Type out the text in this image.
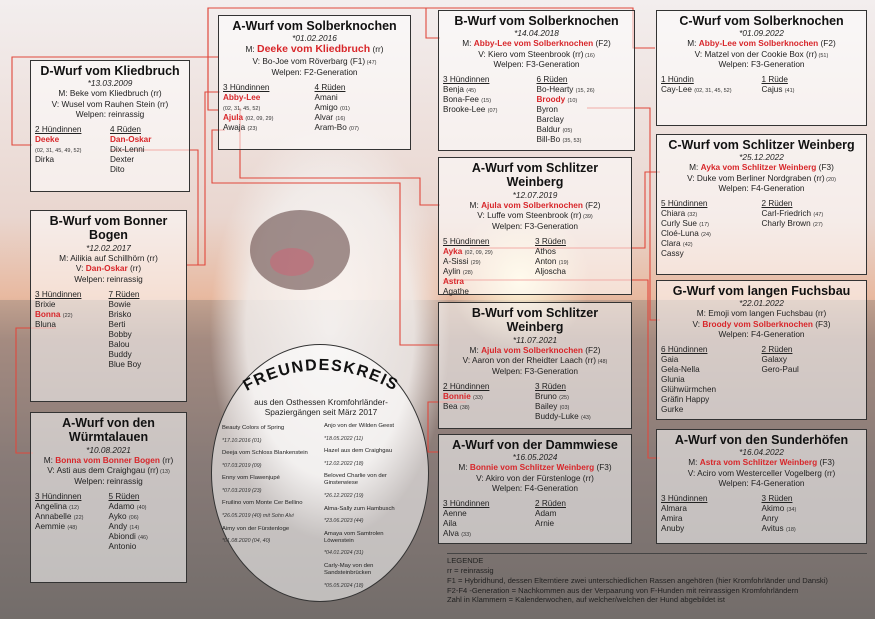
A-Wurf vom Solberknochen
*01.02.2016
M: Deeke vom Kliedbruch (rr)
V: Bo-Joe vom Röverbarg (F1) (47)
Welpen: F2-Generation
3 Hündinnen
Abby-Lee
(02, 31, 45, 52)
Ajula (02, 09, 29)
Awaja (23)
4 Rüden
Amani
Amigo (01)
Alvar (16)
Aram-Bo (07)
D-Wurf vom Kliedbruch
*13.03.2009
M: Beke vom Kliedbruch (rr)
V: Wusel vom Rauhen Stein (rr)
Welpen: reinrassig
2 Hündinnen
Deeke
(02, 31, 45, 49, 52)
Dirka
4 Rüden
Dan-Oskar
Dix-Lenni
Dexter
Dito
B-Wurf vom Solberknochen
*14.04.2018
M: Abby-Lee vom Solberknochen (F2)
V: Kiero vom Steenbrook (rr) (16)
Welpen: F3-Generation
3 Hündinnen
Benja (45)
Bona-Fee (15)
Brooke-Lee (07)
6 Rüden
Bo-Hearty (15, 26)
Broody (10)
Byron
Barclay
Baldur (05)
Bill-Bo (35, 53)
C-Wurf vom Solberknochen
*01.09.2022
M: Abby-Lee vom Solberknochen (F2)
V: Matzel von der Cookie Box (rr) (51)
Welpen: F3-Generation
1 Hündin
Cay-Lee (02, 31, 45, 52)
1 Rüde
Cajus (41)
B-Wurf vom Bonner Bogen
*12.02.2017
M: Ailikia auf Schillhörn (rr)
V: Dan-Oskar (rr)
Welpen: reinrassig
3 Hündinnen
Brixie
Bonna (22)
Bluna
7 Rüden
Bowie
Brisko
Berti
Bobby
Balou
Buddy
Blue Boy
A-Wurf vom Schlitzer Weinberg
*12.07.2019
M: Ajula vom Solberknochen (F2)
V: Luffe vom Steenbrook (rr) (39)
Welpen: F3-Generation
5 Hündinnen
Ayka (02, 09, 29)
A-Sissi (29)
Aylin (28)
Astra
Agathe
3 Rüden
Athos
Anton (19)
Aljoscha
C-Wurf vom Schlitzer Weinberg
*25.12.2022
M: Ayka vom Schlitzer Weinberg (F3)
V: Duke vom Berliner Nordgraben (rr) (20)
Welpen: F4-Generation
5 Hündinnen
Chiara (32)
Curly Sue (17)
Cloé-Luna (24)
Clara (42)
Cassy
2 Rüden
Carl-Friedrich (47)
Charly Brown (27)
B-Wurf vom Schlitzer Weinberg
*11.07.2021
M: Ajula vom Solberknochen (F2)
V: Aaron von der Rheidter Laach (rr) (48)
Welpen: F3-Generation
2 Hündinnen
Bonnie (33)
Bea (38)
3 Rüden
Bruno (25)
Bailey (03)
Buddy-Luke (43)
G-Wurf vom langen Fuchsbau
*22.01.2022
M: Emoji vom langen Fuchsbau (rr)
V: Broody vom Solberknochen (F3)
Welpen: F4-Generation
6 Hündinnen
Gaia
Gela-Nella
Glunia
Glühwürmchen
Gräfin Happy
Gurke
2 Rüden
Galaxy
Gero-Paul
A-Wurf von den Würmtalauen
*10.08.2021
M: Bonna vom Bonner Bogen (rr)
V: Asti aus dem Craighgau (rr) (13)
Welpen: reinrassig
3 Hündinnen
Angelina (12)
Annabelle (22)
Aemmie (48)
5 Rüden
Adamo (40)
Ayko (06)
Andy (14)
Abiondi (46)
Antonio
A-Wurf von der Dammwiese
*16.05.2024
M: Bonnie vom Schlitzer Weinberg (F3)
V: Akiro von der Fürstenloge (rr)
Welpen: F4-Generation
3 Hündinnen
Aenne
Aila
Alva (33)
2 Rüden
Adam
Arnie
A-Wurf von den Sunderhöfen
*16.04.2022
M: Astra vom Schlitzer Weinberg (F3)
V: Aciro vom Westerceller Vogelberg (rr)
Welpen: F4-Generation
3 Hündinnen
Almara
Amira
Anuby
3 Rüden
Akimo (34)
Anry
Avitus (18)
FREUNDESKREIS
aus den Osthessen Kromfohrländer-
Spaziergängen seit März 2017
Beauty Colors of Spring
*17.10.2016 (01)
Deeja vom Schloss Blankenstein
*07.03.2019 (09)
Enny vom Flawenjupé
*07.03.2019 (23)
Fruilino vom Monte Cer Bellino
*26.05.2019 (40) mit Sohn Alvi
Aimy von der Fürstenloge
*01.08.2020 (04, 40)
Anjo von der Wilden Geest
*18.05.2022 (11)
Hazel aus dem Craighgau
*12.02.2022 (18)
Beloved Charlie von der Ginsterwiese
*26.12.2022 (19)
Alma-Sally zum Hambusch
*23.06.2023 (44)
Amaya vom Samtrolen Löwenstein
*04.01.2024 (31)
Carly-May von den Sandsteinbrücken
*05.05.2024 (18)
LEGENDE
rr = reinrassig
F1 = Hybridhund, dessen Elterntiere zwei unterschiedlichen Rassen angehören (hier Kromfohrländer und Danski)
F2-F4 -Generation = Nachkommen aus der Verpaarung von F-Hunden mit reinrassigen Kromfohrländern
Zahl in Klammern = Kalenderwochen, auf welcher/welchen der Hund abgebildet ist
